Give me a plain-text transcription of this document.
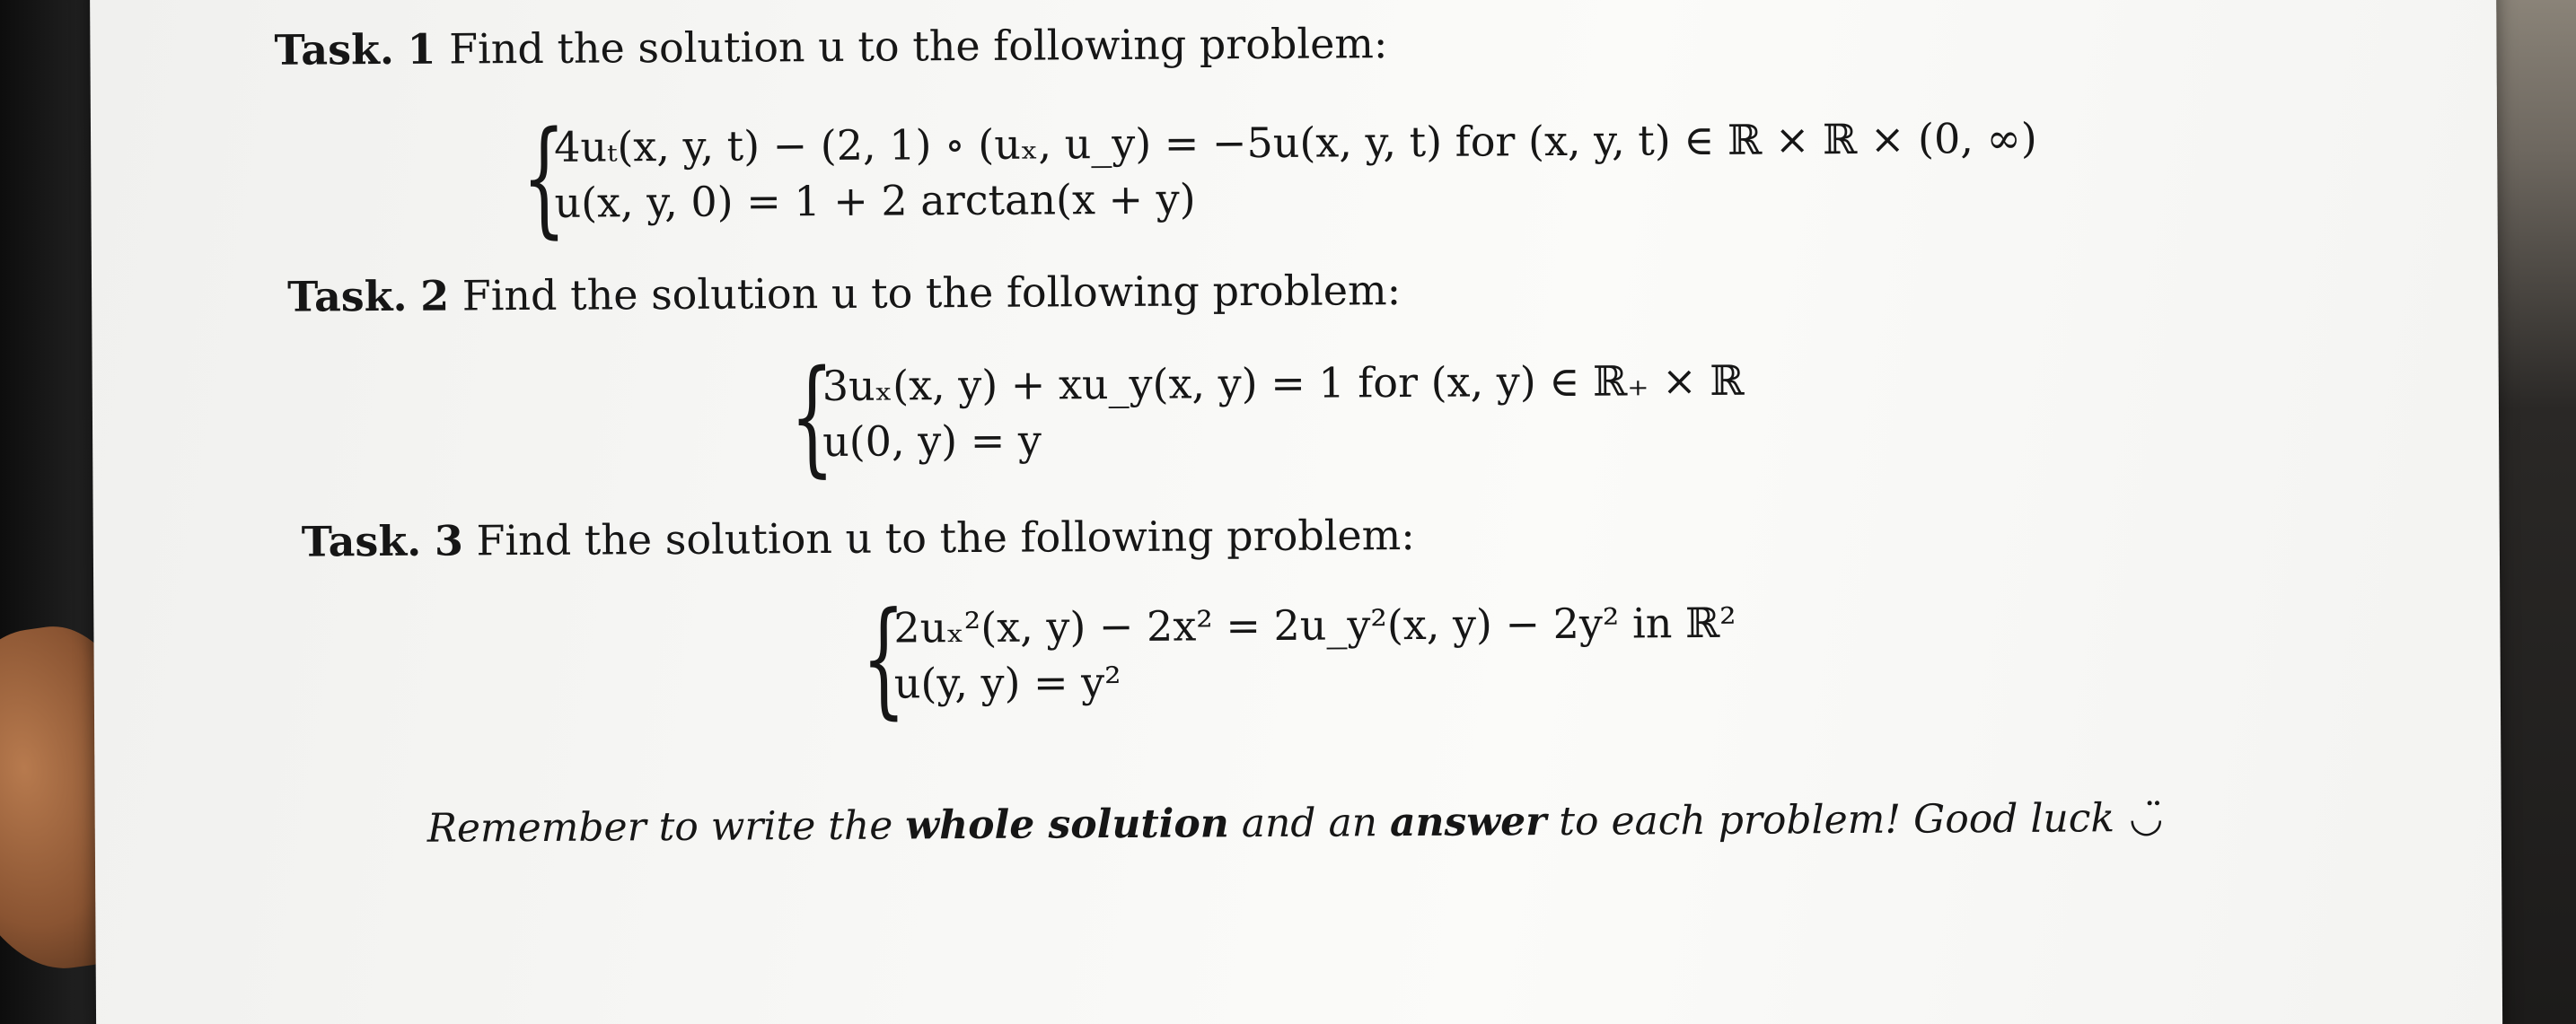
Task. 1 Find the solution u to the following problem:
{
4uₜ(x, y, t) − (2, 1) ∘ (uₓ, u_y) = −5u(x, y, t) for (x, y, t) ∈ ℝ × ℝ × (0, ∞)
u(x, y, 0) = 1 + 2 arctan(x + y)
Task. 2 Find the solution u to the following problem:
{
3uₓ(x, y) + xu_y(x, y) = 1 for (x, y) ∈ ℝ₊ × ℝ
u(0, y) = y
Task. 3 Find the solution u to the following problem:
{
2uₓ²(x, y) − 2x² = 2u_y²(x, y) − 2y² in ℝ²
u(y, y) = y²
Remember to write the whole solution and an answer to each problem! Good luck ◡̈
